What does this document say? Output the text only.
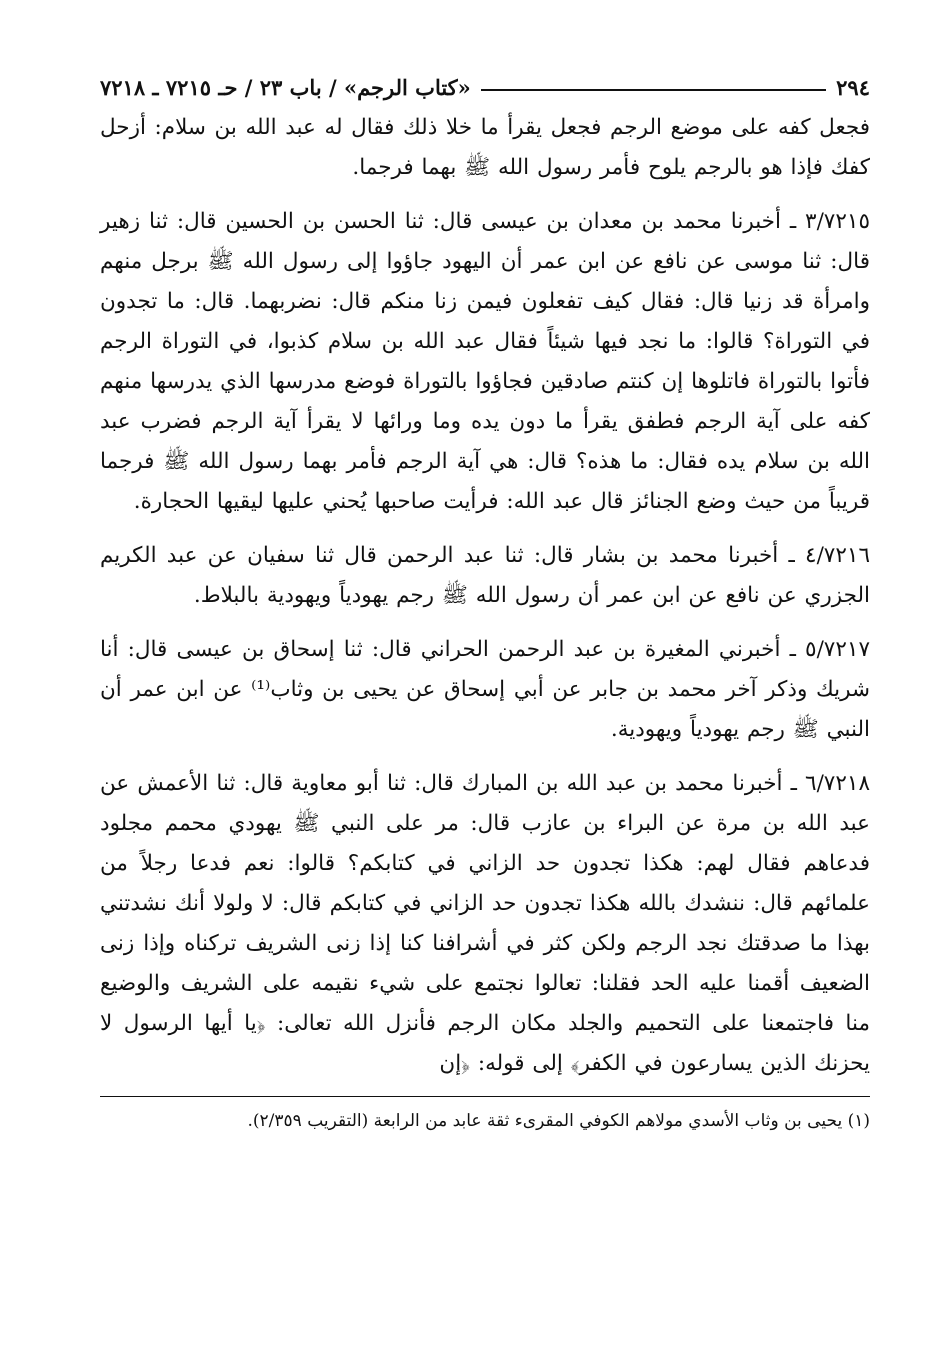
٢٩٤
«كتاب الرجم» / باب ٢٣ / حـ ٧٢١٥ ـ ٧٢١٨

فجعل كفه على موضع الرجم فجعل يقرأ ما خلا ذلك فقال له عبد الله بن سلام: أزحل كفك فإذا هو بالرجم يلوح فأمر رسول الله ﷺ بهما فرجما.

٣/٧٢١٥ ـ أخبرنا محمد بن معدان بن عيسى قال: ثنا الحسن بن الحسين قال: ثنا زهير قال: ثنا موسى عن نافع عن ابن عمر أن اليهود جاؤوا إلى رسول الله ﷺ برجل منهم وامرأة قد زنيا قال: فقال كيف تفعلون فيمن زنا منكم قال: نضربهما. قال: ما تجدون في التوراة؟ قالوا: ما نجد فيها شيئاً فقال عبد الله بن سلام كذبوا، في التوراة الرجم فأتوا بالتوراة فاتلوها إن كنتم صادقين فجاؤوا بالتوراة فوضع مدرسها الذي يدرسها منهم كفه على آية الرجم فطفق يقرأ ما دون يده وما ورائها لا يقرأ آية الرجم فضرب عبد الله بن سلام يده فقال: ما هذه؟ قال: هي آية الرجم فأمر بهما رسول الله ﷺ فرجما قريباً من حيث وضع الجنائز قال عبد الله: فرأيت صاحبها يُحني عليها ليقيها الحجارة.

٤/٧٢١٦ ـ أخبرنا محمد بن بشار قال: ثنا عبد الرحمن قال ثنا سفيان عن عبد الكريم الجزري عن نافع عن ابن عمر أن رسول الله ﷺ رجم يهودياً ويهودية بالبلاط.

٥/٧٢١٧ ـ أخبرني المغيرة بن عبد الرحمن الحراني قال: ثنا إسحاق بن عيسى قال: أنا شريك وذكر آخر محمد بن جابر عن أبي إسحاق عن يحيى بن وثاب⁽¹⁾ عن ابن عمر أن النبي ﷺ رجم يهودياً ويهودية.

٦/٧٢١٨ ـ أخبرنا محمد بن عبد الله بن المبارك قال: ثنا أبو معاوية قال: ثنا الأعمش عن عبد الله بن مرة عن البراء بن عازب قال: مر على النبي ﷺ يهودي محمم مجلود فدعاهم فقال لهم: هكذا تجدون حد الزاني في كتابكم؟ قالوا: نعم فدعا رجلاً من علمائهم قال: ننشدك بالله هكذا تجدون حد الزاني في كتابكم قال: لا ولولا أنك نشدتني بهذا ما صدقتك نجد الرجم ولكن كثر في أشرافنا كنا إذا زنى الشريف تركناه وإذا زنى الضعيف أقمنا عليه الحد فقلنا: تعالوا نجتمع على شيء نقيمه على الشريف والوضيع منا فاجتمعنا على التحميم والجلد مكان الرجم فأنزل الله تعالى: ﴿يا أيها الرسول لا يحزنك الذين يسارعون في الكفر﴾ إلى قوله: ﴿إن

(١) يحيى بن وثاب الأسدي مولاهم الكوفي المقرىء ثقة عابد من الرابعة (التقريب ٢/٣٥٩).
